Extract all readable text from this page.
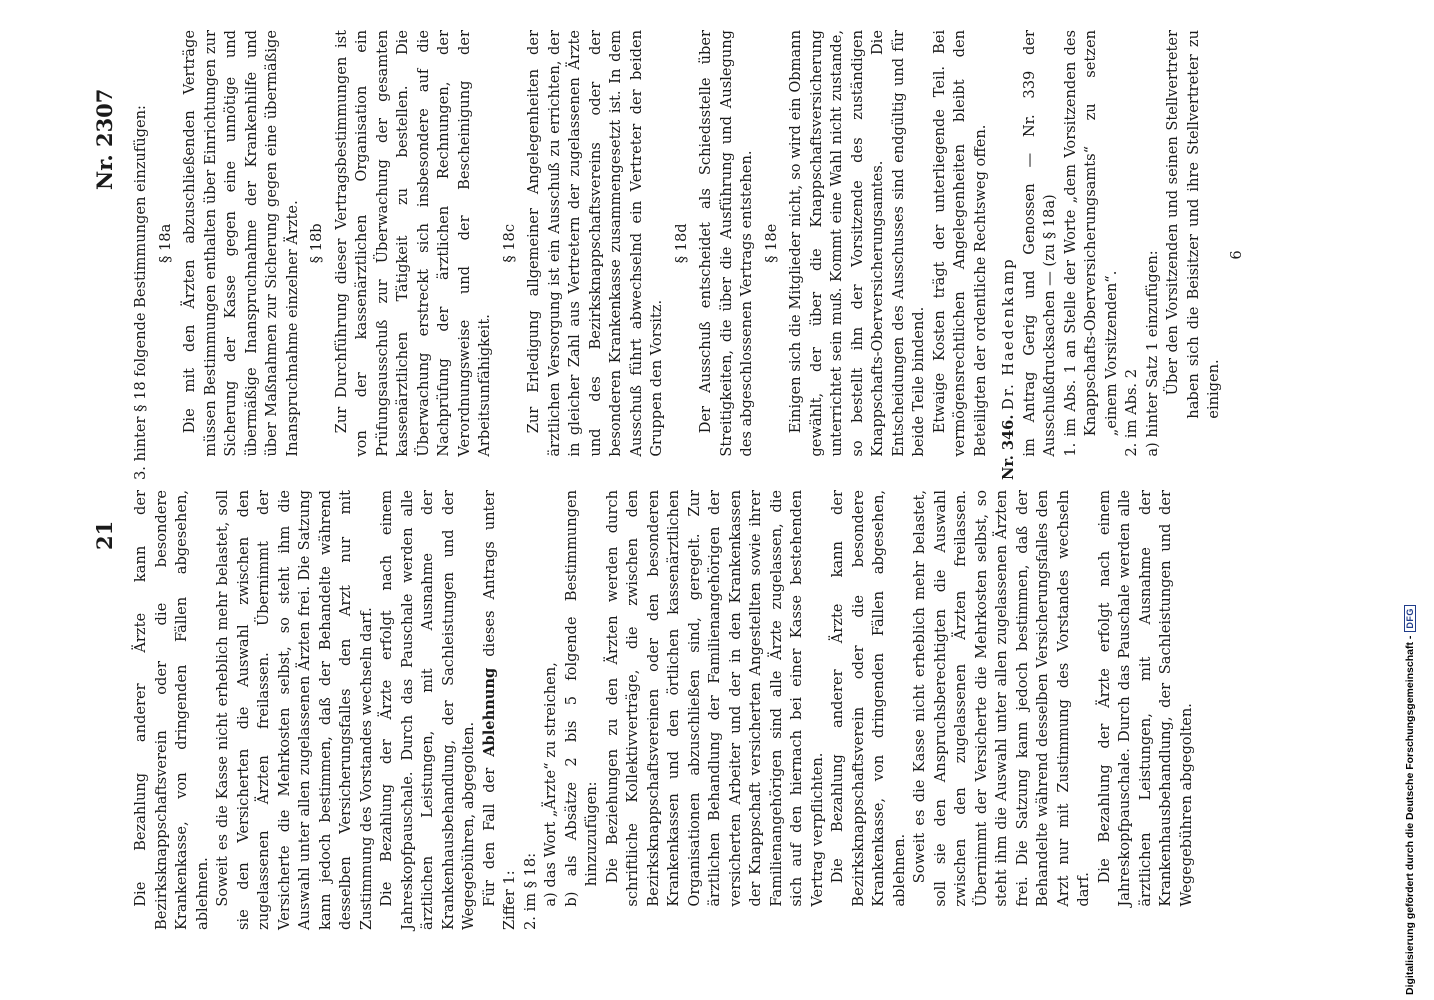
21
Nr. 2307

Die Bezahlung anderer Ärzte kann der Bezirksknappschaftsverein oder die besondere Krankenkasse, von dringenden Fällen abgesehen, ablehnen. Soweit es die Kasse nicht erheblich mehr belastet, soll sie den Versicherten die Auswahl zwischen den zugelassenen Ärzten freilassen. Übernimmt der Versicherte die Mehrkosten selbst, so steht ihm die Auswahl unter allen zugelassenen Ärzten frei. Die Satzung kann jedoch bestimmen, daß der Behandelte während desselben Versicherungsfalles den Arzt nur mit Zustimmung des Vorstandes wechseln darf. Die Bezahlung der Ärzte erfolgt nach einem Jahreskopfpauschale. Durch das Pauschale werden alle ärztlichen Leistungen, mit Ausnahme der Krankenhausbehandlung, der Sachleistungen und der Wegegebühren, abgegolten. Für den Fall der Ablehnung dieses Antrags unter Ziffer 1: 2. im § 18: a) das Wort „Ärzte“ zu streichen, b) als Absätze 2 bis 5 folgende Bestimmungen hinzuzufügen: Die Beziehungen zu den Ärzten werden durch schriftliche Kollektivverträge, die zwischen den Bezirksknappschaftsvereinen oder den besonderen Krankenkassen und den örtlichen kassenärztlichen Organisationen abzuschließen sind, geregelt. Zur ärztlichen Behandlung der Familienangehörigen der versicherten Arbeiter und der in den Krankenkassen der Knappschaft versicherten Angestellten sowie ihrer Familienangehörigen sind alle Ärzte zugelassen, die sich auf den hiernach bei einer Kasse bestehenden Vertrag verpflichten. Die Bezahlung anderer Ärzte kann der Bezirksknappschaftsverein oder die besondere Krankenkasse, von dringenden Fällen abgesehen, ablehnen. Soweit es die Kasse nicht erheblich mehr belastet, soll sie den Anspruchsberechtigten die Auswahl zwischen den zugelassenen Ärzten freilassen. Übernimmt der Versicherte die Mehrkosten selbst, so steht ihm die Auswahl unter allen zugelassenen Ärzten frei. Die Satzung kann jedoch bestimmen, daß der Behandelte während desselben Versicherungsfalles den Arzt nur mit Zustimmung des Vorstandes wechseln darf.

Die Bezahlung der Ärzte erfolgt nach einem Jahreskopfpauschale. Durch das Pauschale werden alle ärztlichen Leistungen, mit Ausnahme der Krankenhausbehandlung, der Sachleistungen und der Wegegebühren abgegolten.

3. hinter § 18 folgende Bestimmungen einzufügen: § 18a Die mit den Ärzten abzuschließenden Verträge müssen Bestimmungen enthalten über Einrichtungen zur Sicherung der Kasse gegen eine unnötige und übermäßige Inanspruchnahme der Krankenhilfe und über Maßnahmen zur Sicherung gegen eine übermäßige Inanspruchnahme einzelner Ärzte. § 18b Zur Durchführung dieser Vertragsbestimmungen ist von der kassenärztlichen Organisation ein Prüfungsausschuß zur Überwachung der gesamten kassenärztlichen Tätigkeit zu bestellen. Die Überwachung erstreckt sich insbesondere auf die Nachprüfung der ärztlichen Rechnungen, der Verordnungsweise und der Bescheinigung der Arbeitsunfähigkeit.

§ 18c Zur Erledigung allgemeiner Angelegenheiten der ärztlichen Versorgung ist ein Ausschuß zu errichten, der in gleicher Zahl aus Vertretern der zugelassenen Ärzte und des Bezirksknappschaftsvereins oder der besonderen Krankenkasse zusammengesetzt ist. In dem Ausschuß führt abwechselnd ein Vertreter der beiden Gruppen den Vorsitz.

§ 18d Der Ausschuß entscheidet als Schiedsstelle über Streitigkeiten, die über die Ausführung und Auslegung des abgeschlossenen Vertrags entstehen. § 18e Einigen sich die Mitglieder nicht, so wird ein Obmann gewählt, der über die Knappschaftsversicherung unterrichtet sein muß. Kommt eine Wahl nicht zustande, so bestellt ihn der Vorsitzende des zuständigen Knappschafts-Oberversicherungsamtes. Die Entscheidungen des Ausschusses sind endgültig und für beide Teile bindend. Etwaige Kosten trägt der unterliegende Teil. Bei vermögensrechtlichen Angelegenheiten bleibt den Beteiligten der ordentliche Rechtsweg offen. Nr. 346. Dr. Haedenkamp im Antrag Gerig und Genossen — Nr. 339 der Ausschußdrucksachen — (zu § 18a) 1. im Abs. 1 an Stelle der Worte „dem Vorsitzenden des Knappschafts-Oberversicherungsamts“ zu setzen „einem Vorsitzenden“. 2. im Abs. 2 a) hinter Satz 1 einzufügen: Über den Vorsitzenden und seinen Stellvertreter haben sich die Beisitzer und ihre Stellvertreter zu einigen.

6

Digitalisierung gefördert durch die Deutsche Forschungsgemeinschaft -
DFG
